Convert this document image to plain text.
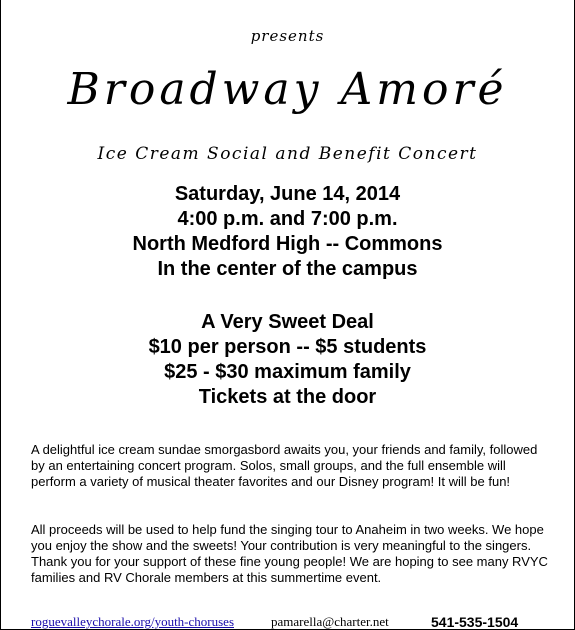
presents
Broadway Amoré
Ice Cream Social and Benefit Concert
Saturday, June 14, 2014
4:00 p.m. and 7:00 p.m.
North Medford High -- Commons
In the center of the campus
A Very Sweet Deal
$10 per person -- $5 students
$25 - $30 maximum family
Tickets at the door
A delightful ice cream sundae smorgasbord awaits you, your friends and family, followed by an entertaining concert program. Solos, small groups, and the full ensemble will perform a variety of musical theater favorites and our Disney program! It will be fun!
All proceeds will be used to help fund the singing tour to Anaheim in two weeks. We hope you enjoy the show and the sweets! Your contribution is very meaningful to the singers. Thank you for your support of these fine young people! We are hoping to see many RVYC families and RV Chorale members at this summertime event.
roguevalleychorale.org/youth-choruses	pamarella@charter.net	541-535-1504
